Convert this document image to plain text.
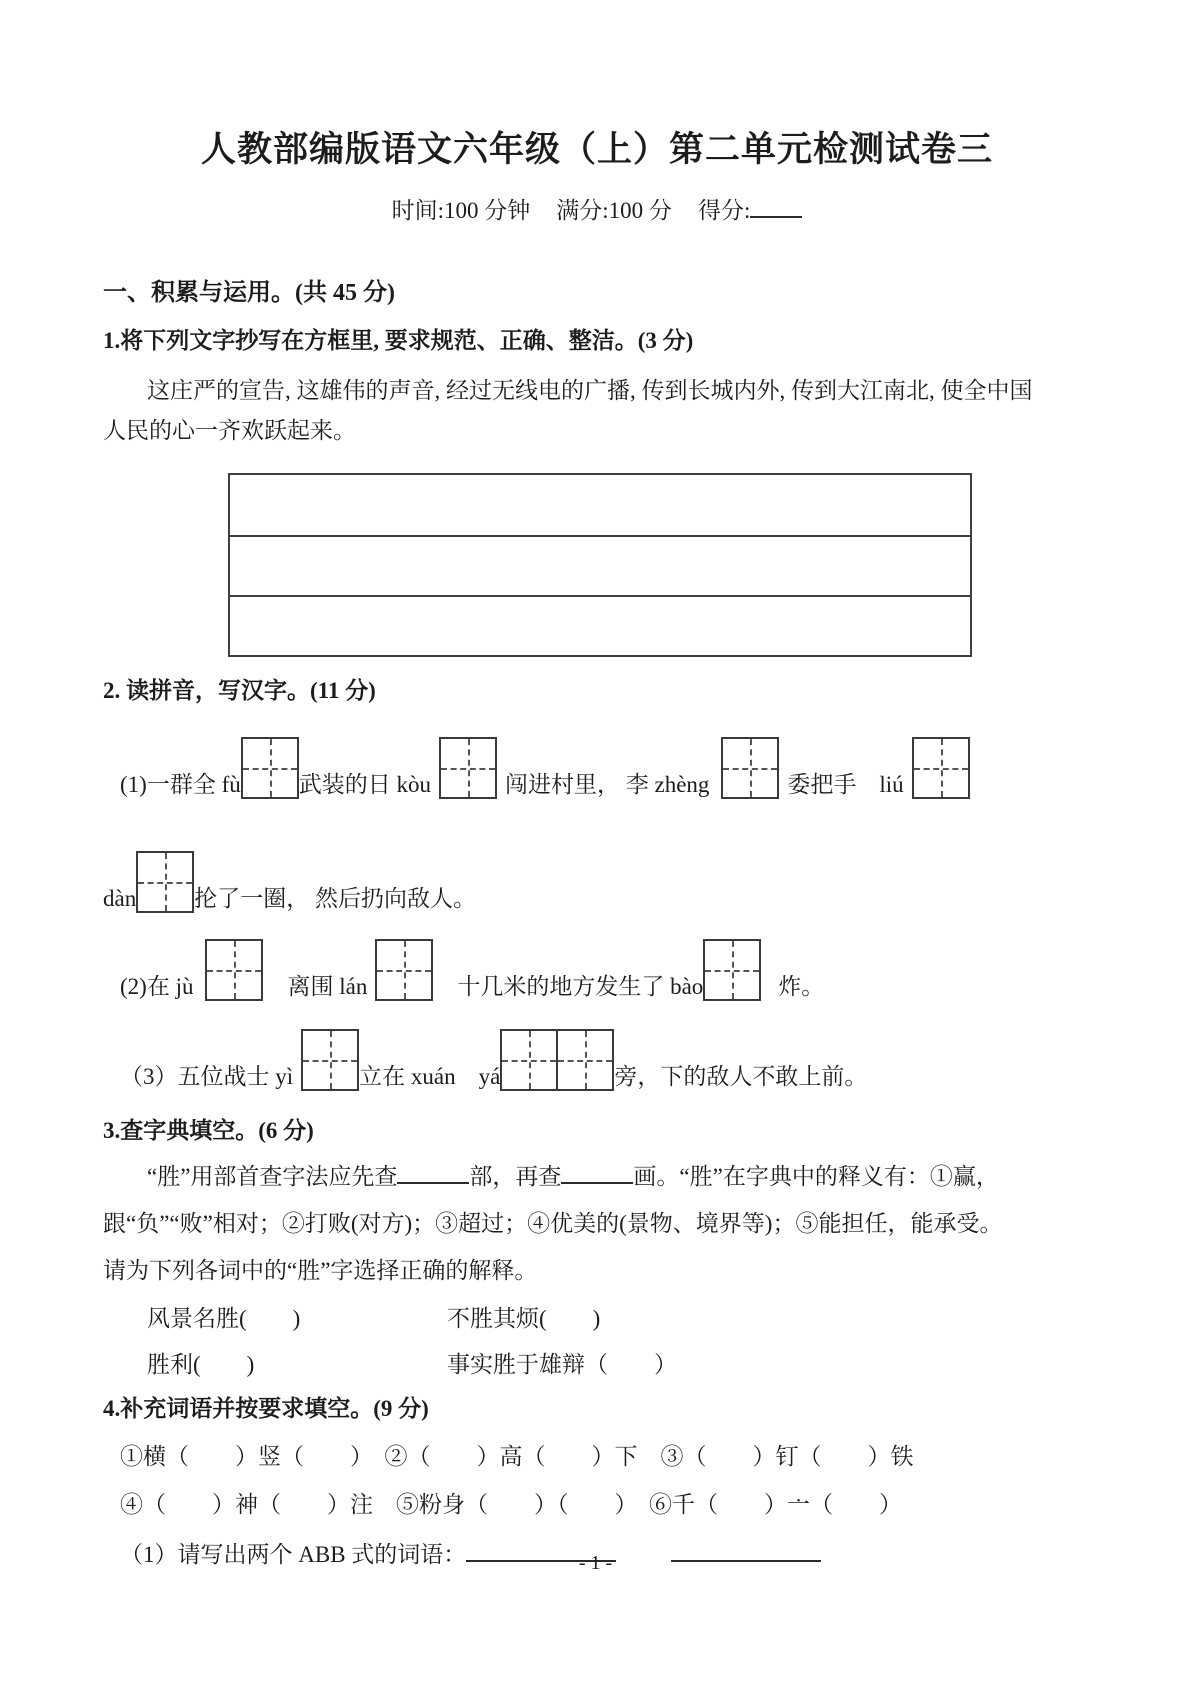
人教部编版语文六年级（上）第二单元检测试卷三
时间:100 分钟 满分:100 分 得分:
一、积累与运用。(共 45 分)
1.将下列文字抄写在方框里, 要求规范、正确、整洁。(3 分)
这庄严的宣告, 这雄伟的声音, 经过无线电的广播, 传到长城内外, 传到大江南北, 使全中国
人民的心一齐欢跃起来。
2. 读拼音，写汉字。(11 分)
(1)一群全 fù	武装的日 kòu	闯进村里， 李 zhèng	委把手　liú
dàn	抡了一圈， 然后扔向敌人。
(2)在 jù	离围 lán	十几米的地方发生了 bào	炸。
（3）五位战士 yì	立在 xuán　yá	旁，下的敌人不敢上前。
3.查字典填空。(6 分)
“胜”用部首查字法应先查	部，再查	画。“胜”在字典中的释义有：①赢，
跟“负”“败”相对；②打败(对方)；③超过；④优美的(景物、境界等)；⑤能担任，能承受。
请为下列各词中的“胜”字选择正确的解释。
风景名胜 •(　　)	不胜 •其烦(　　)
胜 •利(　　)	事实胜 •于雄辩（　　）
4.补充词语并按要求填空。(9 分)
①横（　　）竖（　　）　②（　　）高（　　）下　③（　　）钉（　　）铁
④（　　）神（　　）注　⑤粉身（　　）（　　）　⑥千 •（　　）一 •（　　）
（1）请写出两个 ABB 式的词语：	- 1 -
